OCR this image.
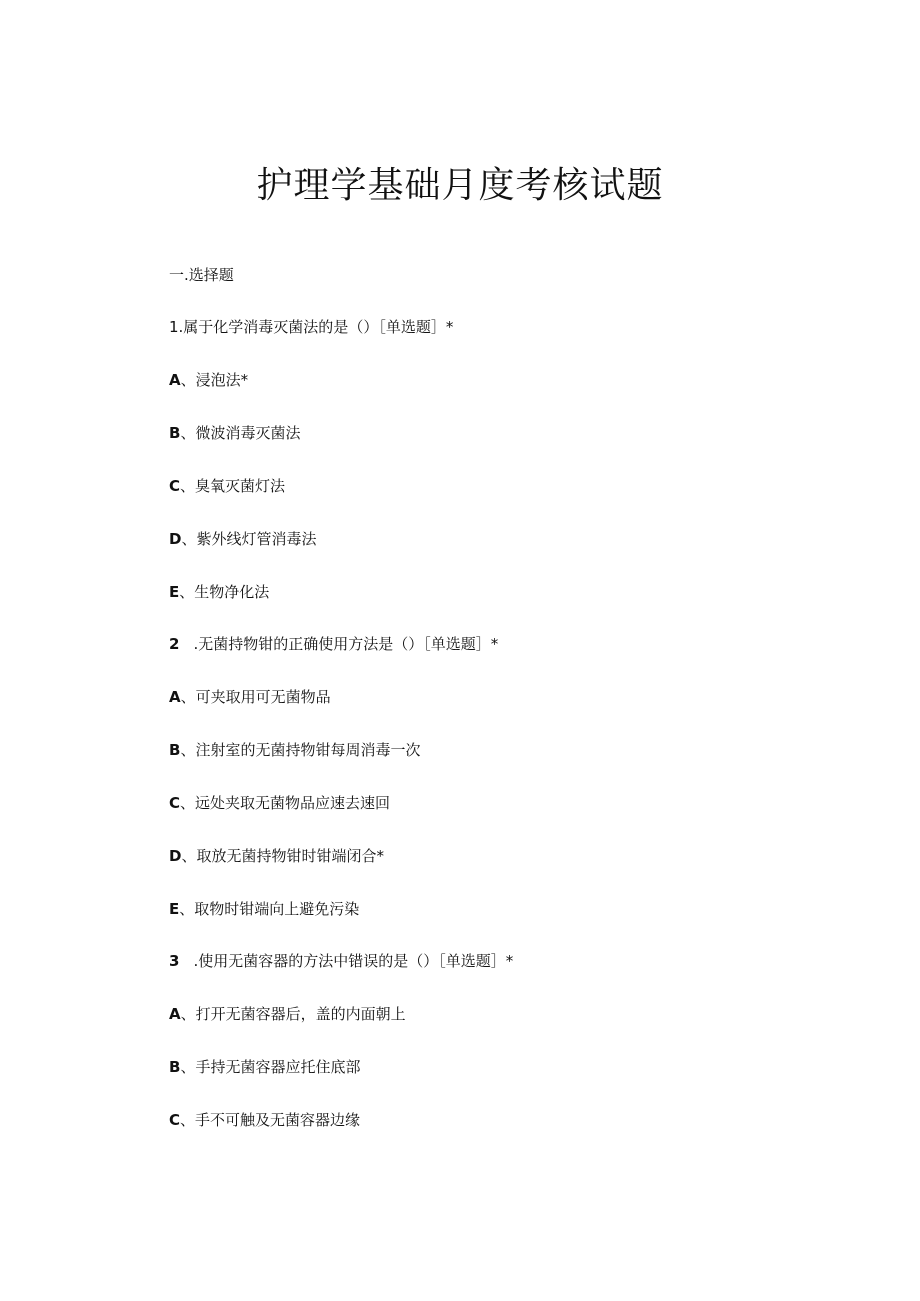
护理学基础月度考核试题
一.选择题
1.属于化学消毒灭菌法的是（）［单选题］*
A、浸泡法*
B、微波消毒灭菌法
C、臭氧灭菌灯法
D、紫外线灯管消毒法
E、生物净化法
2 .无菌持物钳的正确使用方法是（）［单选题］*
A、可夹取用可无菌物品
B、注射室的无菌持物钳每周消毒一次
C、远处夹取无菌物品应速去速回
D、取放无菌持物钳时钳端闭合*
E、取物时钳端向上避免污染
3 .使用无菌容器的方法中错误的是（）［单选题］*
A、打开无菌容器后，盖的内面朝上
B、手持无菌容器应托住底部
C、手不可触及无菌容器边缘
